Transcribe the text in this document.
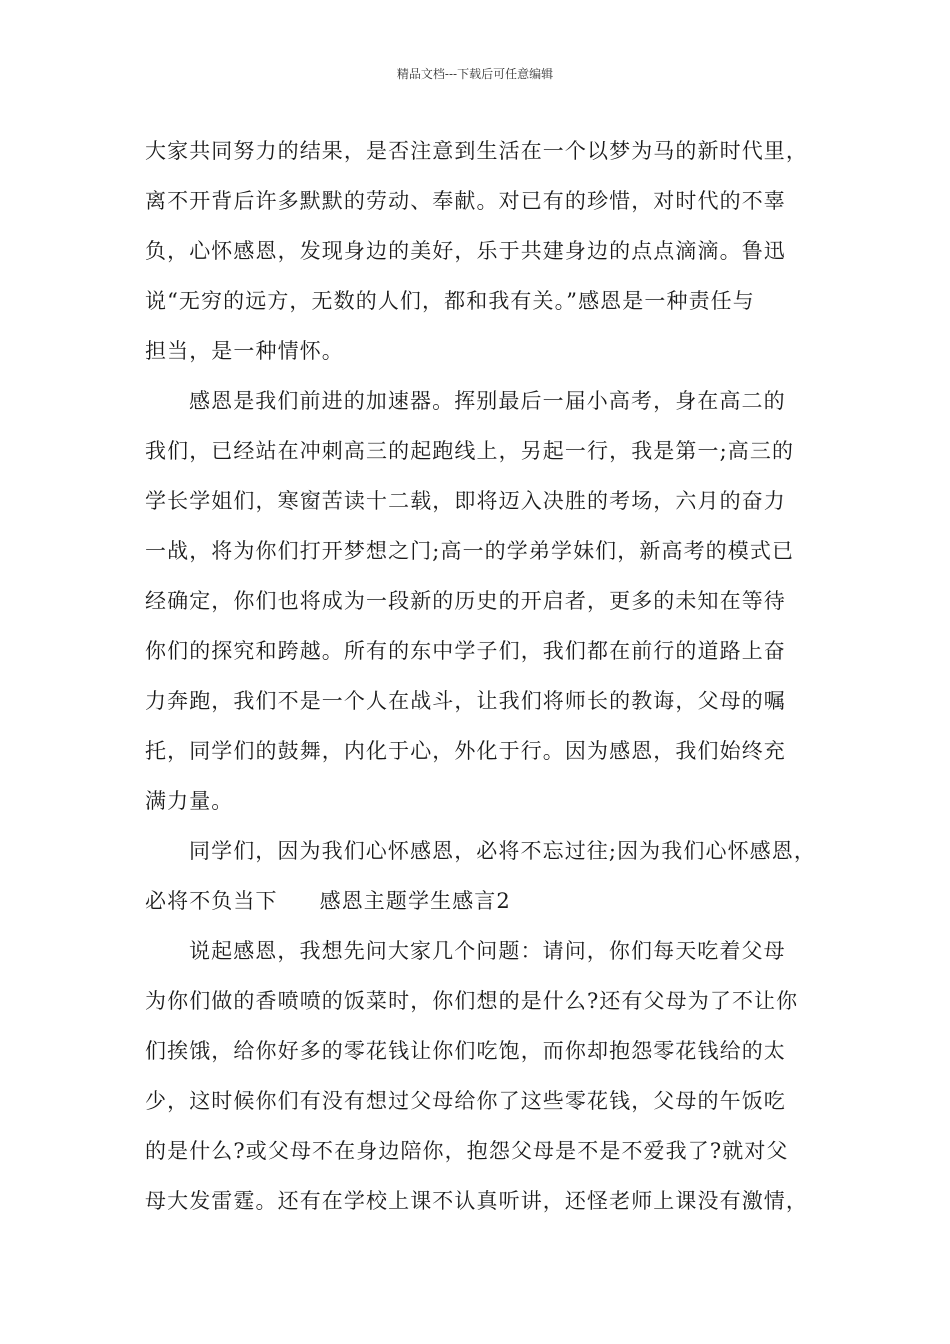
精品文档---下载后可任意编辑
大家共同努力的结果，是否注意到生活在一个以梦为马的新时代里，
离不开背后许多默默的劳动、奉献。对已有的珍惜，对时代的不辜
负，心怀感恩，发现身边的美好，乐于共建身边的点点滴滴。鲁迅
说“无穷的远方，无数的人们，都和我有关。”感恩是一种责任与
担当，是一种情怀。
感恩是我们前进的加速器。挥别最后一届小高考，身在高二的
我们，已经站在冲刺高三的起跑线上，另起一行，我是第一;高三的
学长学姐们，寒窗苦读十二载，即将迈入决胜的考场，六月的奋力
一战，将为你们打开梦想之门;高一的学弟学妹们，新高考的模式已
经确定，你们也将成为一段新的历史的开启者，更多的未知在等待
你们的探究和跨越。所有的东中学子们，我们都在前行的道路上奋
力奔跑，我们不是一个人在战斗，让我们将师长的教诲，父母的嘱
托，同学们的鼓舞，内化于心，外化于行。因为感恩，我们始终充
满力量。
同学们，因为我们心怀感恩，必将不忘过往;因为我们心怀感恩，
必将不负当下 感恩主题学生感言2
说起感恩，我想先问大家几个问题：请问，你们每天吃着父母
为你们做的香喷喷的饭菜时，你们想的是什么?还有父母为了不让你
们挨饿，给你好多的零花钱让你们吃饱，而你却抱怨零花钱给的太
少，这时候你们有没有想过父母给你了这些零花钱，父母的午饭吃
的是什么?或父母不在身边陪你，抱怨父母是不是不爱我了?就对父
母大发雷霆。还有在学校上课不认真听讲，还怪老师上课没有激情，
